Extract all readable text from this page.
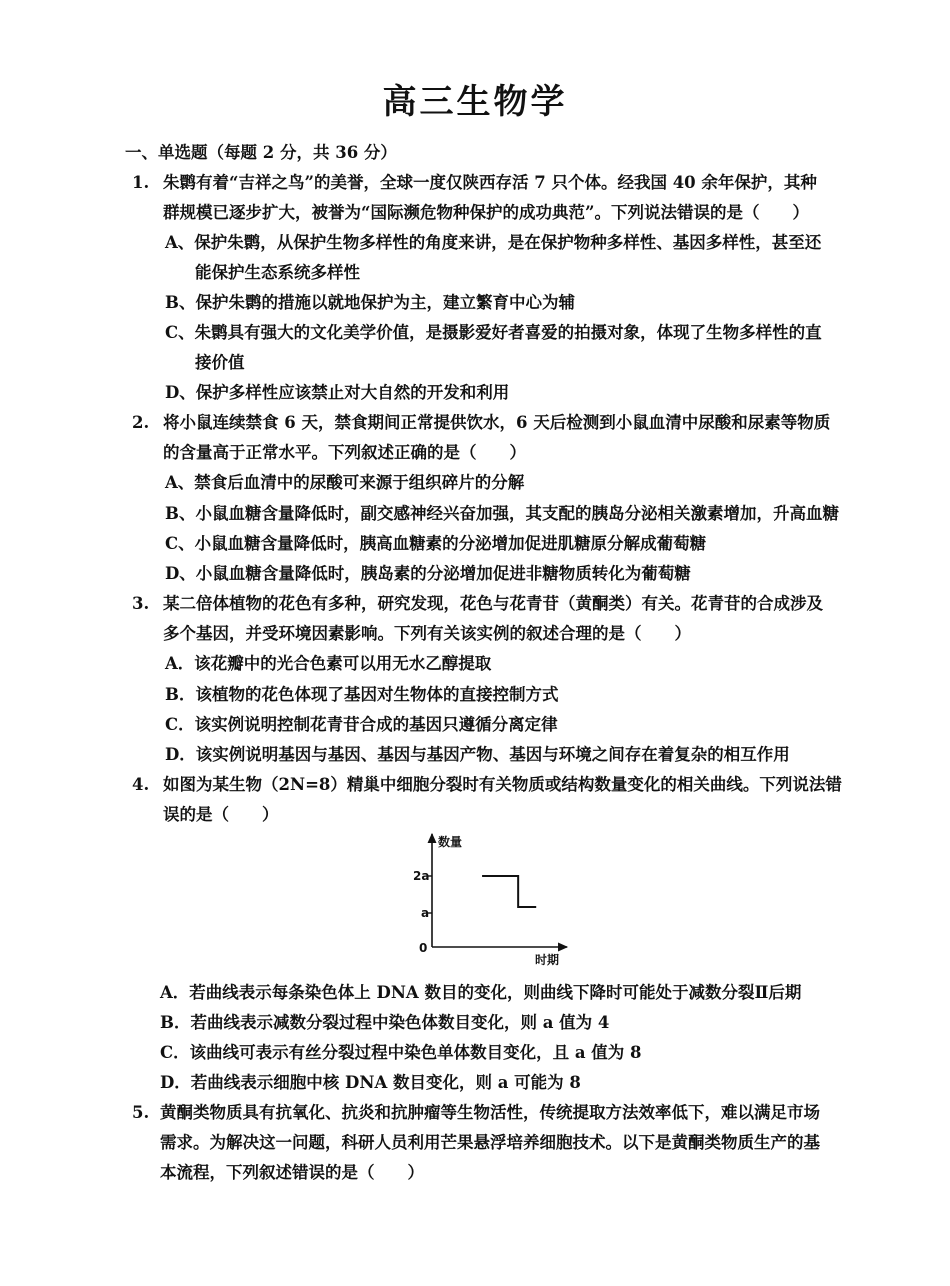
高三生物学
一、单选题（每题 2 分，共 36 分）
1. 朱鹮有着“吉祥之鸟”的美誉，全球一度仅陕西存活 7 只个体。经我国 40 余年保护，其种
群规模已逐步扩大，被誉为“国际濒危物种保护的成功典范”。下列说法错误的是（　　）
A、保护朱鹮，从保护生物多样性的角度来讲，是在保护物种多样性、基因多样性，甚至还
能保护生态系统多样性
B、保护朱鹮的措施以就地保护为主，建立繁育中心为辅
C、朱鹮具有强大的文化美学价值，是摄影爱好者喜爱的拍摄对象，体现了生物多样性的直
接价值
D、保护多样性应该禁止对大自然的开发和利用
2. 将小鼠连续禁食 6 天，禁食期间正常提供饮水，6 天后检测到小鼠血清中尿酸和尿素等物质
的含量高于正常水平。下列叙述正确的是（　　）
A、禁食后血清中的尿酸可来源于组织碎片的分解
B、小鼠血糖含量降低时，副交感神经兴奋加强，其支配的胰岛分泌相关激素增加，升高血糖
C、小鼠血糖含量降低时，胰高血糖素的分泌增加促进肌糖原分解成葡萄糖
D、小鼠血糖含量降低时，胰岛素的分泌增加促进非糖物质转化为葡萄糖
3. 某二倍体植物的花色有多种，研究发现，花色与花青苷（黄酮类）有关。花青苷的合成涉及
多个基因，并受环境因素影响。下列有关该实例的叙述合理的是（　　）
A．该花瓣中的光合色素可以用无水乙醇提取
B．该植物的花色体现了基因对生物体的直接控制方式
C．该实例说明控制花青苷合成的基因只遵循分离定律
D．该实例说明基因与基因、基因与基因产物、基因与环境之间存在着复杂的相互作用
4. 如图为某生物（2N=8）精巢中细胞分裂时有关物质或结构数量变化的相关曲线。下列说法错
误的是（　　）
数量
时期
0
2a
a
A．若曲线表示每条染色体上 DNA 数目的变化，则曲线下降时可能处于减数分裂Ⅱ后期
B．若曲线表示减数分裂过程中染色体数目变化，则 a 值为 4
C．该曲线可表示有丝分裂过程中染色单体数目变化，且 a 值为 8
D．若曲线表示细胞中核 DNA 数目变化，则 a 可能为 8
5. 黄酮类物质具有抗氧化、抗炎和抗肿瘤等生物活性，传统提取方法效率低下，难以满足市场
需求。为解决这一问题，科研人员利用芒果悬浮培养细胞技术。以下是黄酮类物质生产的基
本流程，下列叙述错误的是（　　）
